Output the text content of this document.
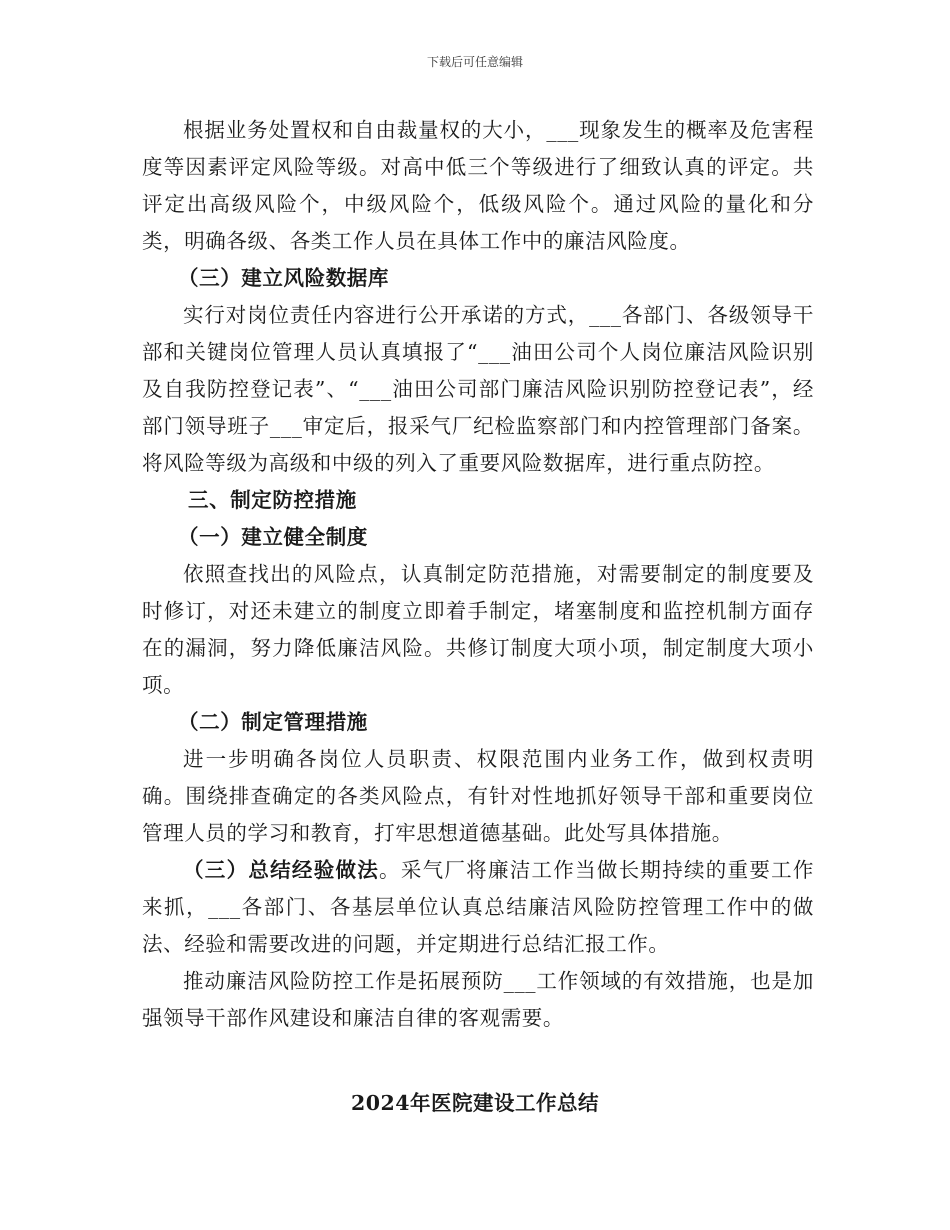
下载后可任意编辑

根据业务处置权和自由裁量权的大小，___现象发生的概率及危害程度等因素评定风险等级。对高中低三个等级进行了细致认真的评定。共评定出高级风险个，中级风险个，低级风险个。通过风险的量化和分类，明确各级、各类工作人员在具体工作中的廉洁风险度。

（三）建立风险数据库

实行对岗位责任内容进行公开承诺的方式，___各部门、各级领导干部和关键岗位管理人员认真填报了“___油田公司个人岗位廉洁风险识别及自我防控登记表”、“___油田公司部门廉洁风险识别防控登记表”，经部门领导班子___审定后，报采气厂纪检监察部门和内控管理部门备案。将风险等级为高级和中级的列入了重要风险数据库，进行重点防控。

三、制定防控措施

（一）建立健全制度

依照查找出的风险点，认真制定防范措施，对需要制定的制度要及时修订，对还未建立的制度立即着手制定，堵塞制度和监控机制方面存在的漏洞，努力降低廉洁风险。共修订制度大项小项，制定制度大项小项。

（二）制定管理措施

进一步明确各岗位人员职责、权限范围内业务工作，做到权责明确。围绕排查确定的各类风险点，有针对性地抓好领导干部和重要岗位管理人员的学习和教育，打牢思想道德基础。此处写具体措施。

（三）总结经验做法。采气厂将廉洁工作当做长期持续的重要工作来抓，___各部门、各基层单位认真总结廉洁风险防控管理工作中的做法、经验和需要改进的问题，并定期进行总结汇报工作。

推动廉洁风险防控工作是拓展预防___工作领域的有效措施，也是加强领导干部作风建设和廉洁自律的客观需要。

2024年医院建设工作总结
